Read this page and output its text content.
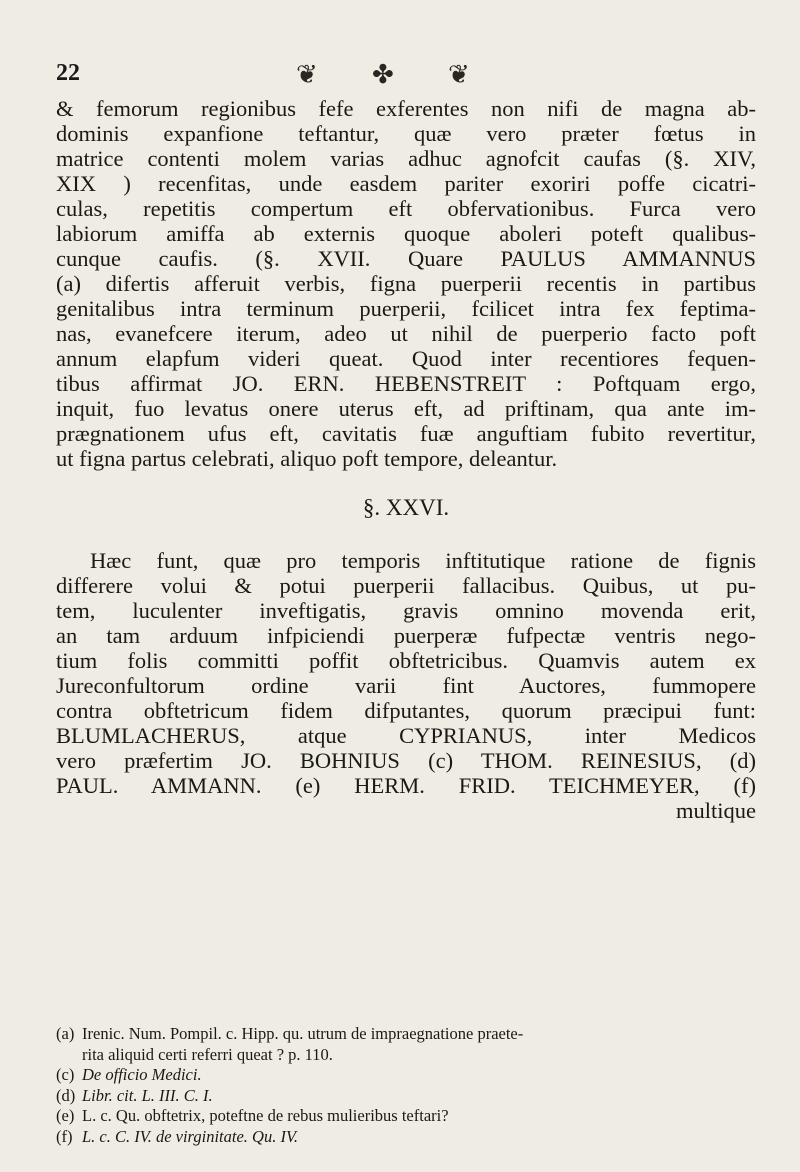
22	❦ ✤ ❦
& femorum regionibus fefe exferentes non nifi de magna ab-
dominis expanfione teftantur, quæ vero præter fœtus in
matrice contenti molem varias adhuc agnofcit caufas (§. XIV,
XIX ) recenfitas, unde easdem pariter exoriri poffe cicatri-
culas, repetitis compertum eft obfervationibus. Furca vero
labiorum amiffa ab externis quoque aboleri poteft qualibus-
cunque caufis. (§. XVII. Quare PAULUS AMMANNUS
(a) difertis afferuit verbis, figna puerperii recentis in partibus
genitalibus intra terminum puerperii, fcilicet intra fex feptima-
nas, evanefcere iterum, adeo ut nihil de puerperio facto poft
annum elapfum videri queat. Quod inter recentiores fequen-
tibus affirmat JO. ERN. HEBENSTREIT : Poftquam ergo,
inquit, fuo levatus onere uterus eft, ad priftinam, qua ante im-
prægnationem ufus eft, cavitatis fuæ anguftiam fubito revertitur,
ut figna partus celebrati, aliquo poft tempore, deleantur.
§. XXVI.
Hæc funt, quæ pro temporis inftitutique ratione de fignis
differere volui & potui puerperii fallacibus. Quibus, ut pu-
tem, luculenter inveftigatis, gravis omnino movenda erit,
an tam arduum infpiciendi puerperæ fufpectæ ventris nego-
tium folis committi poffit obftetricibus. Quamvis autem ex
Jureconfultorum ordine varii fint Auctores, fummopere
contra obftetricum fidem difputantes, quorum præcipui funt:
BLUMLACHERUS, atque CYPRIANUS, inter Medicos
vero præfertim JO. BOHNIUS (c) THOM. REINESIUS, (d)
PAUL. AMMANN. (e) HERM. FRID. TEICHMEYER, (f)
multique
(a) Irenic. Num. Pompil. c. Hipp. qu. utrum de impraegnatione praete-
rita aliquid certi referri queat ? p. 110.
(c) De officio Medici.
(d) Libr. cit. L. III. C. I.
(e) L. c. Qu. obftetrix, poteftne de rebus mulieribus teftari?
(f) L. c. C. IV. de virginitate. Qu. IV.
